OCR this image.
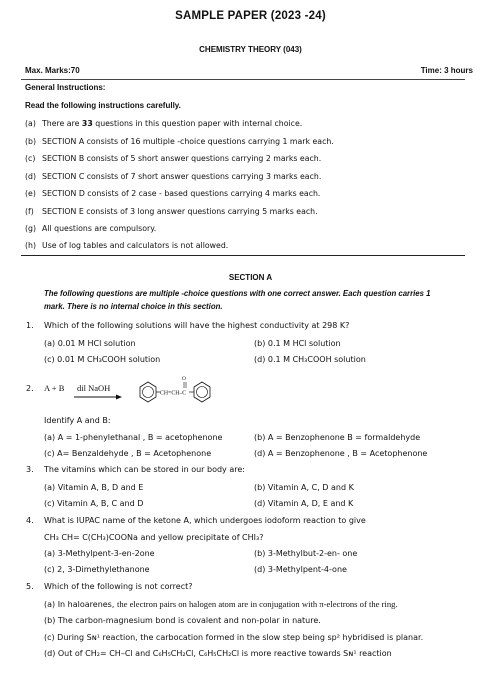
SAMPLE PAPER (2023 -24)
CHEMISTRY THEORY (043)
Max. Marks:70	Time: 3 hours
General Instructions:
Read the following instructions carefully.
(a) There are 33 questions in this question paper with internal choice.
(b) SECTION A consists of 16 multiple -choice questions carrying 1 mark each.
(c) SECTION B consists of 5 short answer questions carrying 2 marks each.
(d) SECTION C consists of 7 short answer questions carrying 3 marks each.
(e) SECTION D consists of 2 case - based questions carrying 4 marks each.
(f) SECTION E consists of 3 long answer questions carrying 5 marks each.
(g) All questions are compulsory.
(h) Use of log tables and calculators is not allowed.
SECTION A
The following questions are multiple -choice questions with one correct answer. Each question carries 1
mark. There is no internal choice in this section.
1. Which of the following solutions will have the highest conductivity at 298 K?
(a) 0.01 M HCl solution	(b) 0.1 M HCl solution
(c) 0.01 M CH₃COOH solution	(d) 0.1 M CH₃COOH solution
2. A + B dil NaOH
CH=CH–C
O
Identify A and B:
(a) A = 1-phenylethanal , B = acetophenone	(b) A = Benzophenone B = formaldehyde
(c) A= Benzaldehyde , B = Acetophenone	(d) A = Benzophenone , B = Acetophenone
3. The vitamins which can be stored in our body are:
(a) Vitamin A, B, D and E	(b) Vitamin A, C, D and K
(c) Vitamin A, B, C and D	(d) Vitamin A, D, E and K
4. What is IUPAC name of the ketone A, which undergoes iodoform reaction to give
CH₃ CH= C(CH₃)COONa and yellow precipitate of CHI₃?
(a) 3-Methylpent-3-en-2one	(b) 3-Methylbut-2-en- one
(c) 2, 3-Dimethylethanone	(d) 3-Methylpent-4-one
5. Which of the following is not correct?
(a) In haloarenes, the electron pairs on halogen atom are in conjugation with π-electrons of the ring.
(b) The carbon-magnesium bond is covalent and non-polar in nature.
(c) During Sɴ¹ reaction, the carbocation formed in the slow step being sp² hybridised is planar.
(d) Out of CH₂= CH–Cl and C₆H₅CH₂Cl, C₆H₅CH₂Cl is more reactive towards Sɴ¹ reaction
